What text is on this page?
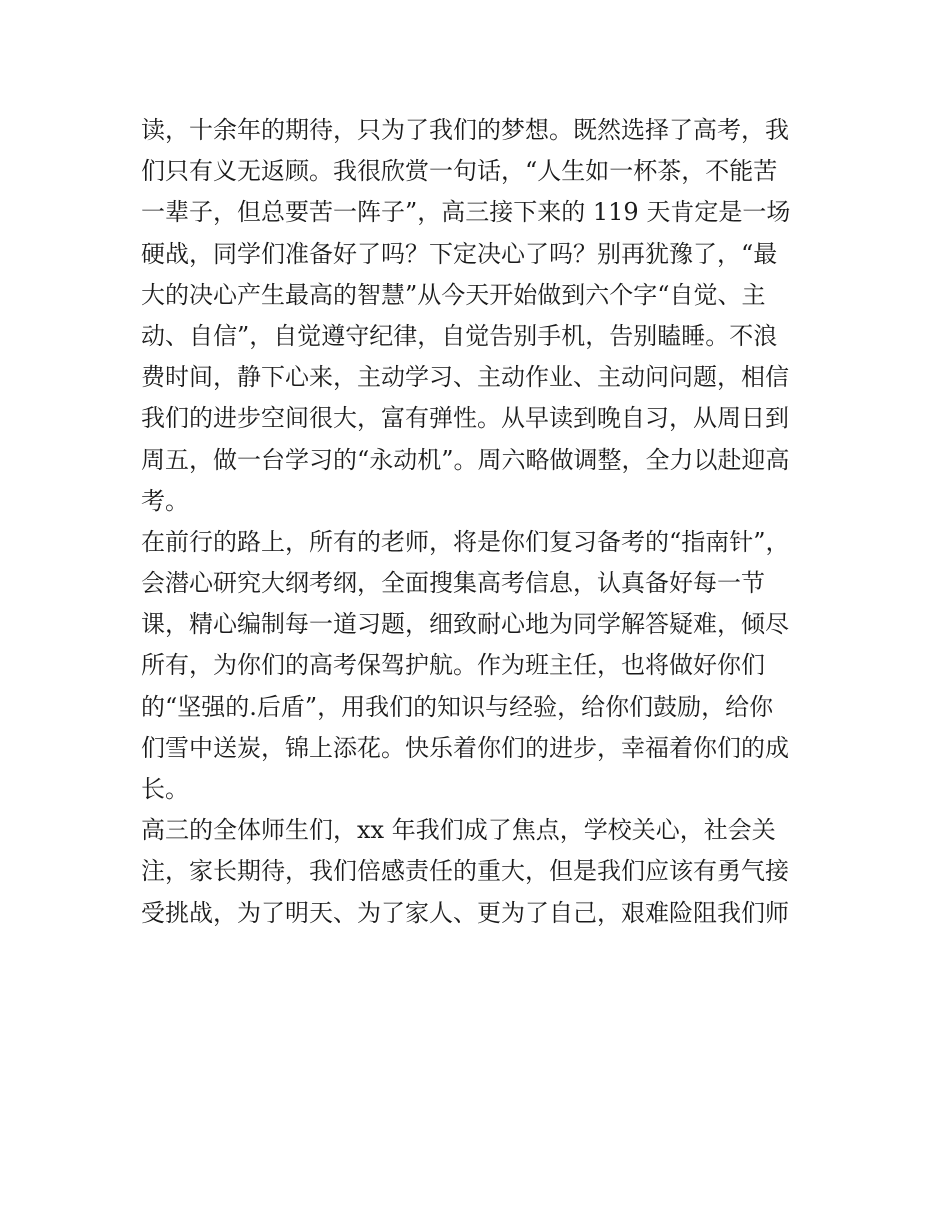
读，十余年的期待，只为了我们的梦想。既然选择了高考，我
们只有义无返顾。我很欣赏一句话，“人生如一杯茶，不能苦
一辈子，但总要苦一阵子”，高三接下来的 119 天肯定是一场
硬战，同学们准备好了吗？下定决心了吗？别再犹豫了，“最
大的决心产生最高的智慧”从今天开始做到六个字“自觉、主
动、自信”，自觉遵守纪律，自觉告别手机，告别瞌睡。不浪
费时间，静下心来，主动学习、主动作业、主动问问题，相信
我们的进步空间很大，富有弹性。从早读到晚自习，从周日到
周五，做一台学习的“永动机”。周六略做调整，全力以赴迎高
考。
在前行的路上，所有的老师，将是你们复习备考的“指南针”，
会潜心研究大纲考纲，全面搜集高考信息，认真备好每一节
课，精心编制每一道习题，细致耐心地为同学解答疑难，倾尽
所有，为你们的高考保驾护航。作为班主任，也将做好你们
的“坚强的.后盾”，用我们的知识与经验，给你们鼓励，给你
们雪中送炭，锦上添花。快乐着你们的进步，幸福着你们的成
长。
高三的全体师生们，xx 年我们成了焦点，学校关心，社会关
注，家长期待，我们倍感责任的重大，但是我们应该有勇气接
受挑战，为了明天、为了家人、更为了自己，艰难险阻我们师
